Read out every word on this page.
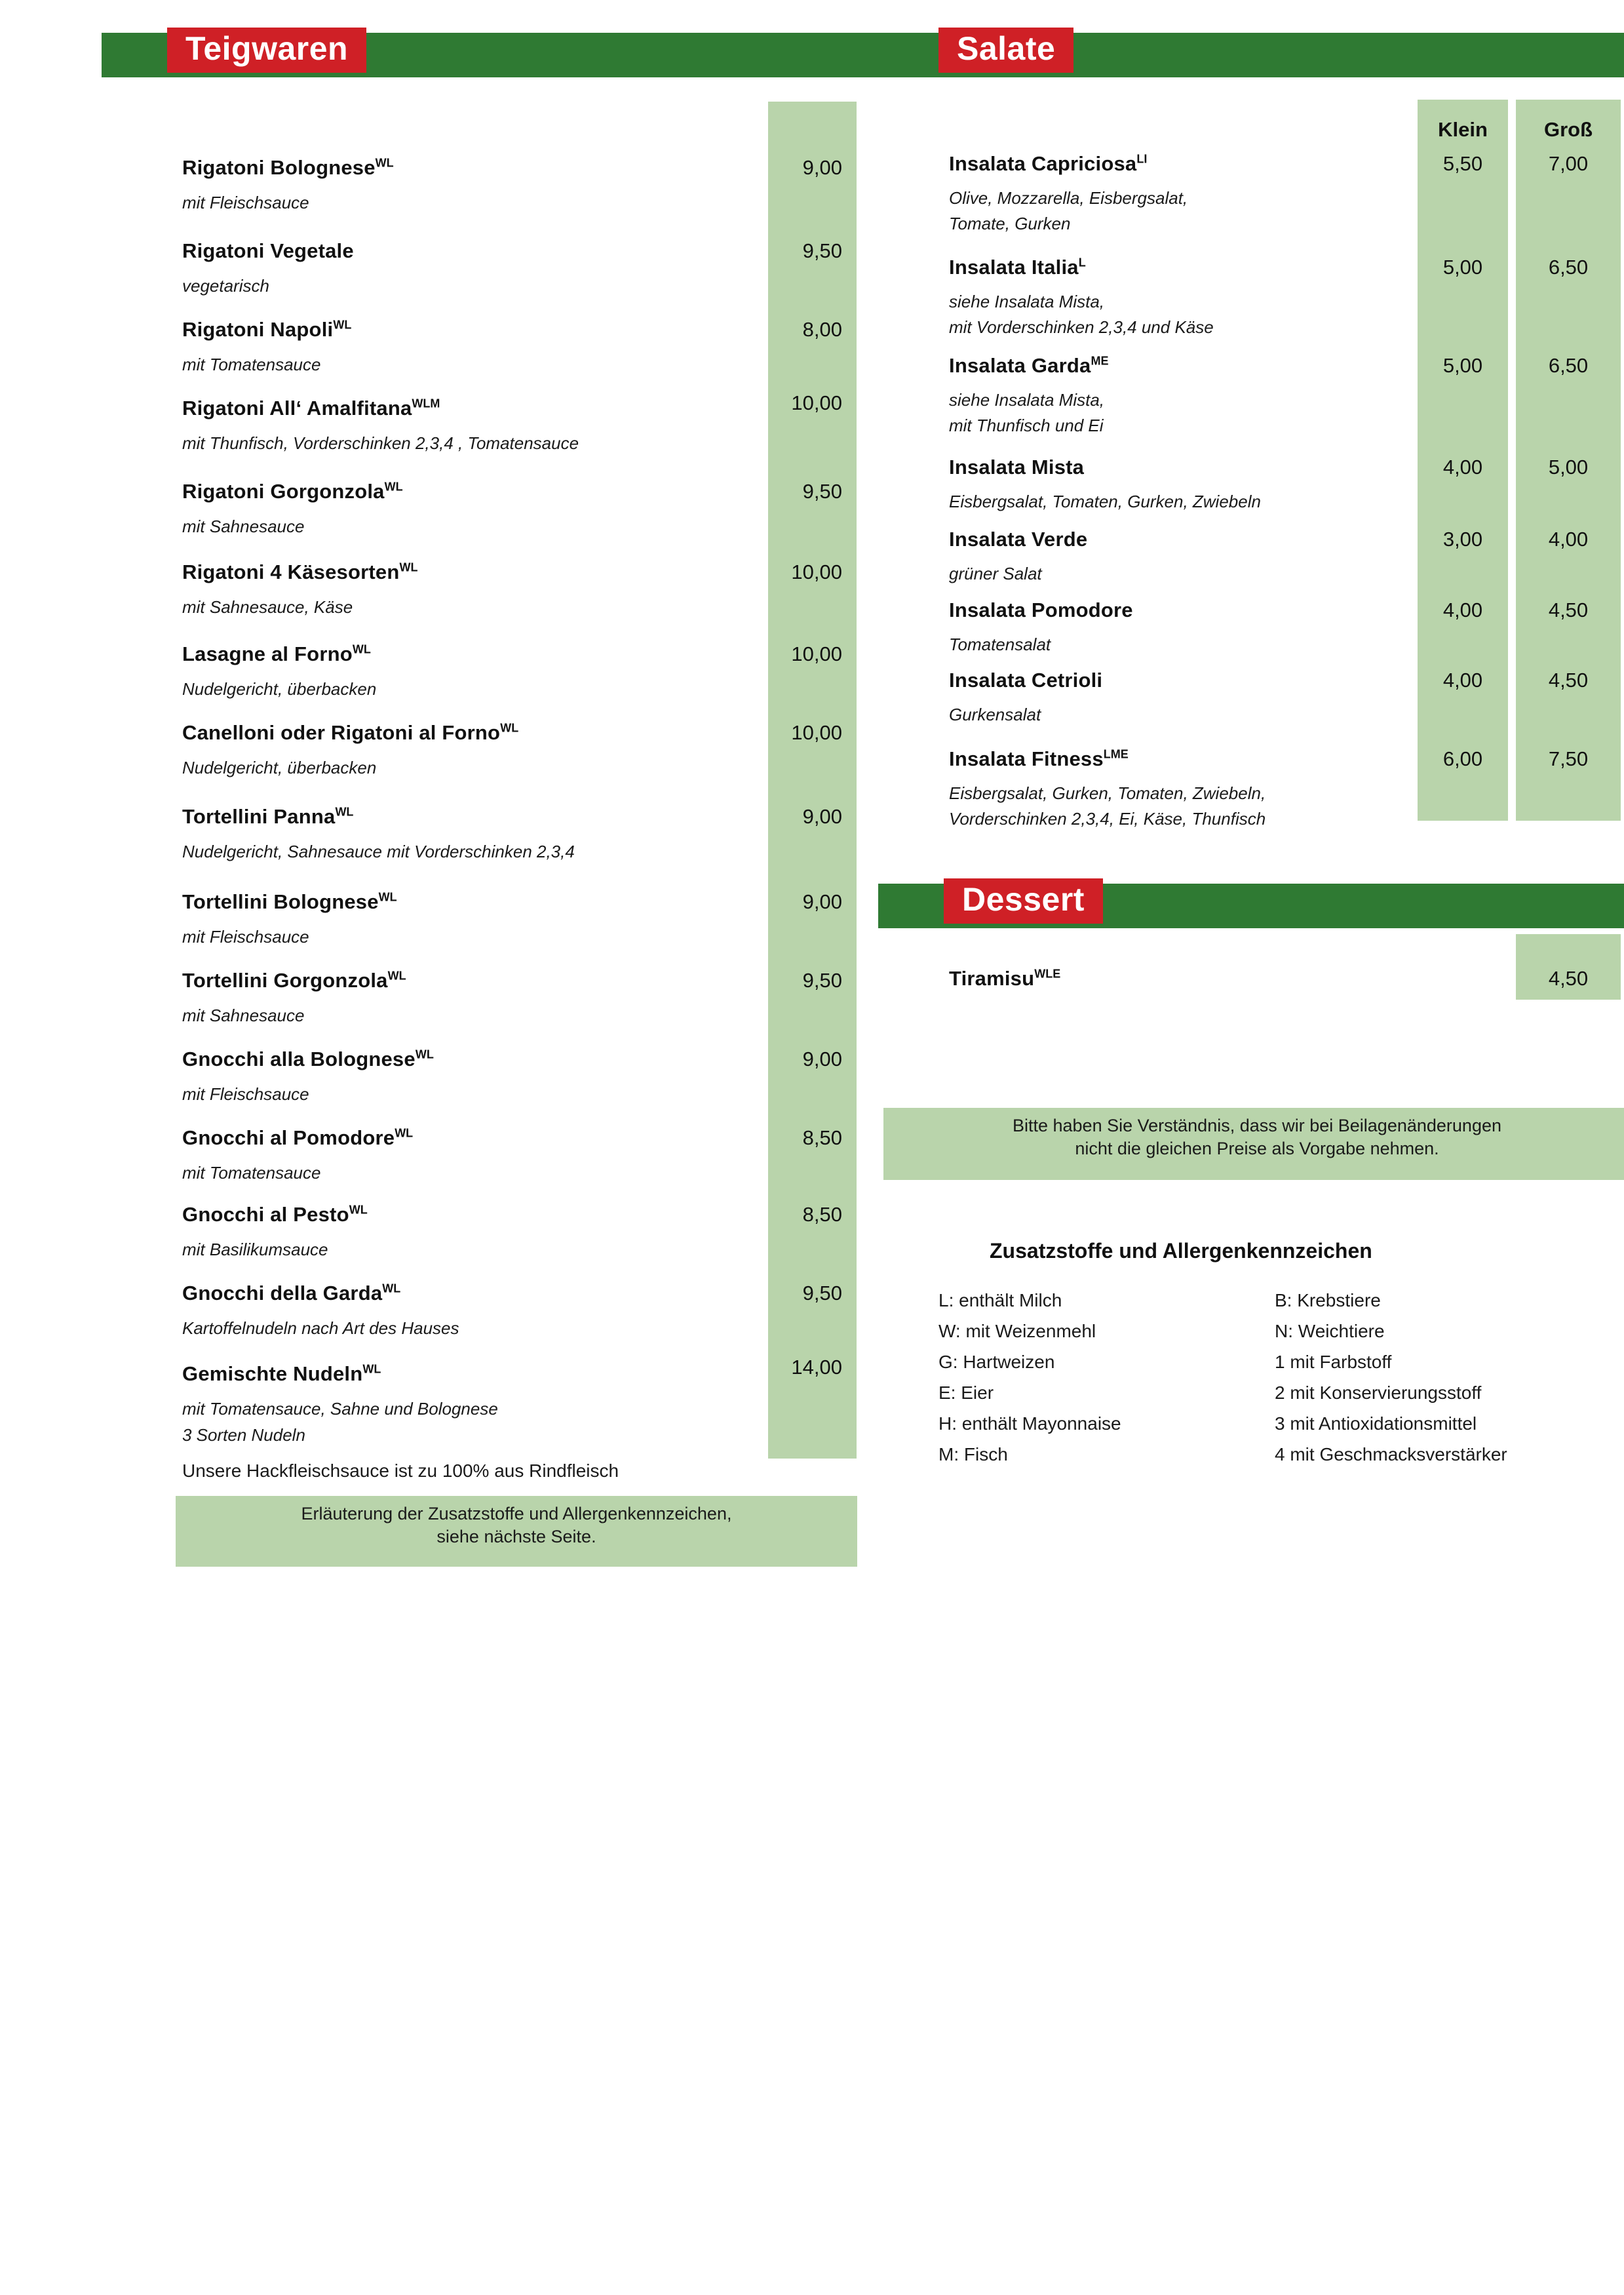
Teigwaren
Rigatoni Bolognese$^{WL}$
mit Fleischsauce
9,00
Rigatoni Vegetale
vegetarisch
9,50
Rigatoni Napoli$^{WL}$
mit Tomatensauce
8,00
Rigatoni All‘ Amalfitana$^{WLM}$
mit Thunfisch, Vorderschinken 2,3,4 , Tomatensauce
10,00
Rigatoni Gorgonzola$^{WL}$
mit Sahnesauce
9,50
Rigatoni 4 Käsesorten$^{WL}$
mit Sahnesauce, Käse
10,00
Lasagne al Forno$^{WL}$
Nudelgericht, überbacken
10,00
Canelloni oder Rigatoni al Forno$^{WL}$
Nudelgericht, überbacken
10,00
Tortellini Panna$^{WL}$
Nudelgericht, Sahnesauce mit Vorderschinken 2,3,4
9,00
Tortellini Bolognese$^{WL}$
mit Fleischsauce
9,00
Tortellini Gorgonzola$^{WL}$
mit Sahnesauce
9,50
Gnocchi alla Bolognese$^{WL}$
mit Fleischsauce
9,00
Gnocchi al Pomodore$^{WL}$
mit Tomatensauce
8,50
Gnocchi al Pesto$^{WL}$
mit Basilikumsauce
8,50
Gnocchi della Garda$^{WL}$
Kartoffelnudeln nach Art des Hauses
9,50
Gemischte Nudeln$^{WL}$
mit Tomatensauce, Sahne und Bolognese
3 Sorten Nudeln
14,00
Unsere Hackfleischsauce ist zu 100% aus Rindfleisch
Erläuterung der Zusatzstoffe und Allergenkennzeichen,
siehe nächste Seite.
Salate
Klein	Groß
Insalata Capriciosa$^{LI}$
Olive, Mozzarella, Eisbergsalat,
Tomate, Gurken
5,50	7,00
Insalata Italia$^L$
siehe Insalata Mista,
mit Vorderschinken 2,3,4 und Käse
5,00	6,50
Insalata Garda$^{ME}$
siehe Insalata Mista,
mit Thunfisch und Ei
5,00	6,50
Insalata Mista
Eisbergsalat, Tomaten, Gurken, Zwiebeln
4,00	5,00
Insalata Verde
grüner Salat
3,00	4,00
Insalata Pomodore
Tomatensalat
4,00	4,50
Insalata Cetrioli
Gurkensalat
4,00	4,50
Insalata Fitness$^{LME}$
Eisbergsalat, Gurken, Tomaten, Zwiebeln,
Vorderschinken 2,3,4, Ei, Käse, Thunfisch
6,00	7,50
Dessert
Tiramisu$^{WLE}$	4,50
Bitte haben Sie Verständnis, dass wir bei Beilagenänderungen
nicht die gleichen Preise als Vorgabe nehmen.
Zusatzstoffe und Allergenkennzeichen
L: enthält Milch
W: mit Weizenmehl
G: Hartweizen
E: Eier
H: enthält Mayonnaise
M: Fisch
B: Krebstiere
N: Weichtiere
1 mit Farbstoff
2 mit Konservierungsstoff
3 mit Antioxidationsmittel
4 mit Geschmacksverstärker
